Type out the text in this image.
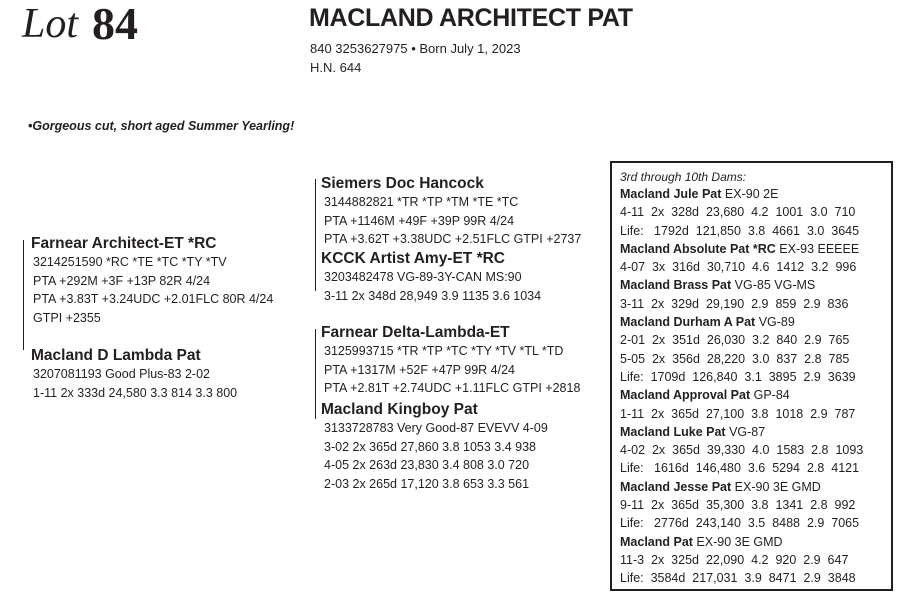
Lot 84	MACLAND ARCHITECT PAT
840 3253627975 • Born July 1, 2023
H.N. 644
•Gorgeous cut, short aged Summer Yearling!
Farnear Architect-ET *RC
3214251590 *RC *TE *TC *TY *TV
PTA +292M +3F +13P 82R 4/24
PTA +3.83T +3.24UDC +2.01FLC 80R 4/24
GTPI +2355
Macland D Lambda Pat
3207081193 Good Plus-83 2-02
1-11 2x 333d 24,580 3.3 814 3.3 800
Siemers Doc Hancock
3144882821 *TR *TP *TM *TE *TC
PTA +1146M +49F +39P 99R 4/24
PTA +3.62T +3.38UDC +2.51FLC GTPI +2737
KCCK Artist Amy-ET *RC
3203482478 VG-89-3Y-CAN MS:90
3-11 2x 348d 28,949 3.9 1135 3.6 1034
Farnear Delta-Lambda-ET
3125993715 *TR *TP *TC *TY *TV *TL *TD
PTA +1317M +52F +47P 99R 4/24
PTA +2.81T +2.74UDC +1.11FLC GTPI +2818
Macland Kingboy Pat
3133728783 Very Good-87 EVEVV 4-09
3-02 2x 365d 27,860 3.8 1053 3.4 938
4-05 2x 263d 23,830 3.4 808 3.0 720
2-03 2x 265d 17,120 3.8 653 3.3 561
3rd through 10th Dams:
Macland Jule Pat EX-90 2E
4-11  2x  328d  23,680  4.2  1001  3.0  710
Life:   1792d  121,850  3.8  4661  3.0  3645
Macland Absolute Pat *RC EX-93 EEEEE
4-07  3x  316d  30,710  4.6  1412  3.2  996
Macland Brass Pat VG-85 VG-MS
3-11  2x  329d  29,190  2.9  859  2.9  836
Macland Durham A Pat VG-89
2-01  2x  351d  26,030  3.2  840  2.9  765
5-05  2x  356d  28,220  3.0  837  2.8  785
Life:  1709d  126,840  3.1  3895  2.9  3639
Macland Approval Pat GP-84
1-11  2x  365d  27,100  3.8  1018  2.9  787
Macland Luke Pat VG-87
4-02  2x  365d  39,330  4.0  1583  2.8  1093
Life:   1616d  146,480  3.6  5294  2.8  4121
Macland Jesse Pat EX-90 3E GMD
9-11  2x  365d  35,300  3.8  1341  2.8  992
Life:   2776d  243,140  3.5  8488  2.9  7065
Macland Pat EX-90 3E GMD
11-3  2x  325d  22,090  4.2  920  2.9  647
Life:  3584d  217,031  3.9  8471  2.9  3848
